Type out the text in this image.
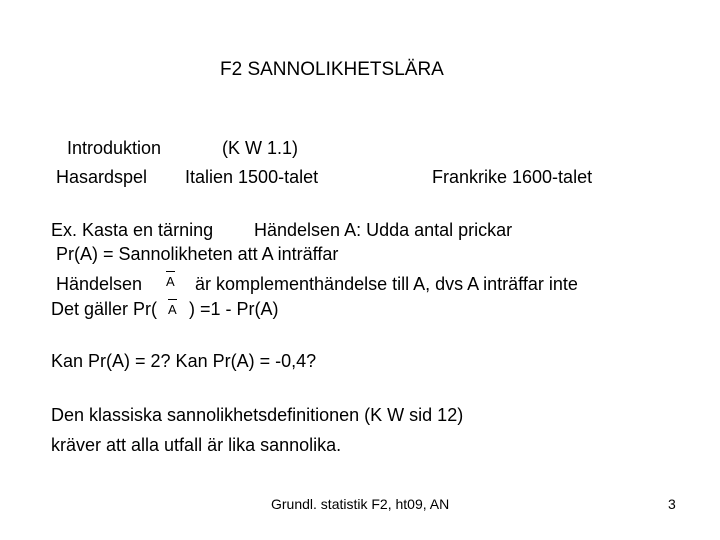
F2 SANNOLIKHETSLÄRA
Introduktion	(K W 1.1)
Hasardspel Italien 1500-talet	Frankrike 1600-talet
Ex. Kasta en tärning Händelsen A: Udda antal prickar
Pr(A) = Sannolikheten att A inträffar
Händelsen A är komplementhändelse till A, dvs A inträffar inte
Det gäller Pr( A ) =1 - Pr(A)
Kan Pr(A) = 2? Kan Pr(A) = -0,4?
Den klassiska sannolikhetsdefinitionen (K W sid 12)
kräver att alla utfall är lika sannolika.
Grundl. statistik F2, ht09, AN	3
